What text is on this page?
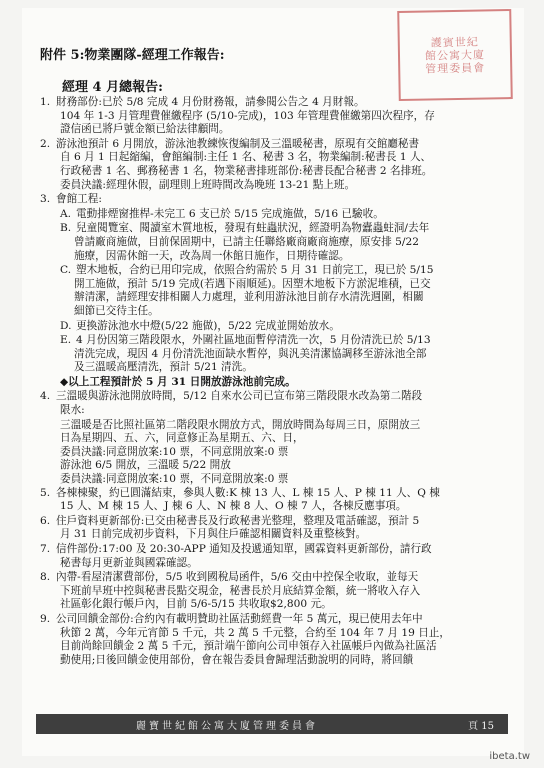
護賓世紀
館公寓大廈
管理委員會
附件 5:物業團隊-經理工作報告:
經理 4 月總報告:
1. 財務部份:已於 5/8 完成 4 月份財務報，請參閱公告之 4 月財報。
104 年 1-3 月管理費催繳程序 (5/10-完成)，103 年管理費催繳第四次程序，存
證信函已將戶號金額已給法律顧問。
2. 游泳池預計 6 月開放，游泳池教練恢復編制及三溫暖秘書，原現有交館廳秘書
自 6 月 1 日起縮編，會館編制:主任 1 名、秘書 3 名，物業編制:秘書長 1 人、
行政秘書 1 名、郵務秘書 1 名，物業秘書排班部份:秘書長配合秘書 2 名排班。
委員決議:經理休假，副理則上班時間改為晚班 13-21 點上班。
3. 會館工程:
A. 電動排煙窗推桿-未完工 6 支已於 5/15 完成施做，5/16 已驗收。
B. 兒童閱覽室、閱讀室木質地板，發現有蛀蟲狀況，經證明為物蠹蟲蛀洞/去年
曾請廠商施做，目前保固期中，已請主任聯絡廠商廠商施療，原安排 5/22
施療，因需休館一天，改為周一休館日施作，日期待確認。
C. 塑木地板，合約已用印完成，依照合約需於 5 月 31 日前完工，現已於 5/15
開工施做，預計 5/19 完成(若遇下雨順延)。因塑木地板下方淤泥堆積，已交
辦清潔，請經理安排相關人力處理，並利用游泳池目前存水清洗週圍，相關
細節已交待主任。
D. 更換游泳池水中燈(5/22 施做)，5/22 完成並開始放水。
E. 4 月份因第三階段限水，外圍社區地面暫停清洗一次，5 月份清洗已於 5/13
清洗完成，現因 4 月份清洗池面缺水暫停，與汎美清潔協調移至游泳池全部
及三溫暖高壓清洗，預計 5/21 清洗。
◆以上工程預計於 5 月 31 日開放游泳池前完成。
4. 三溫暖與游泳池開放時間，5/12 自來水公司已宣布第三階段限水改為第二階段
限水:
三溫暖是否比照社區第二階段限水開放方式，開放時間為每周三日，原開放三
日為星期四、五、六，同意修正為星期五、六、日，
委員決議:同意開放案:10 票，不同意開放案:0 票
游泳池 6/5 開放，三溫暖 5/22 開放
委員決議:同意開放案:10 票，不同意開放案:0 票
5. 各棟棟聚，約已圓滿結束，參與人數:K 棟 13 人、L 棟 15 人、P 棟 11 人、Q 棟
15 人、M 棟 15 人、J 棟 6 人、N 棟 8 人、O 棟 7 人，各棟反應事項。
6. 住戶資料更新部份:已交由秘書長及行政秘書光整理，整理及電話確認，預計 5
月 31 日前完成初步資料，下月與住戶確認相關資料及重整核對。
7. 信件部份:17:00 及 20:30-APP 通知及投遞通知單，國霖資料更新部份，請行政
秘書每月更新並與國霖確認。
8. 內帶-看屋清潔費部份，5/5 收到國稅局函件，5/6 交由中控保全收取，並每天
下班前早班中控與秘書長點交現金，秘書長於月底結算金額，統一將收入存入
社區彰化銀行帳戶內，目前 5/6-5/15 共收取$2,800 元。
9. 公司回饋金部份:合約內有載明贊助社區活動經費一年 5 萬元，現已使用去年中
秋節 2 萬，今年元宵節 5 千元，共 2 萬 5 千元整，合約至 104 年 7 月 19 日止，
目前尚餘回饋金 2 萬 5 千元，預計端午節向公司申領存入社區帳戶內做為社區活
動使用;日後回饋金使用部份，會在報告委員會歸理活動說明的同時，將回饋
麗寶世紀館公寓大廈管理委員會	頁 15
ibeta.tw
